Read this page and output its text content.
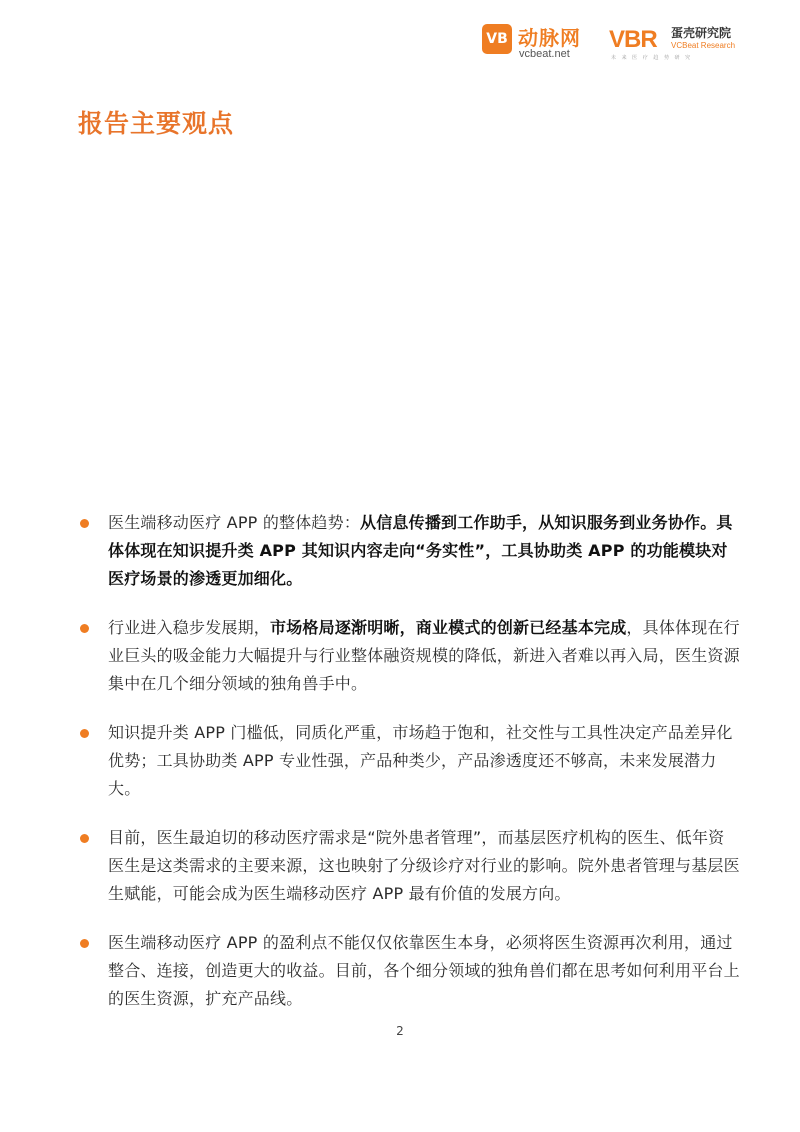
VB 动脉网
vcbeat.net
VBR 蛋壳研究院
VCBeat Research
未 来 医 疗 趋 势 研 究
报告主要观点
医生端移动医疗 APP 的整体趋势：从信息传播到工作助手，从知识服务到业务协作。具体体现在知识提升类 APP 其知识内容走向“务实性”，工具协助类 APP 的功能模块对医疗场景的渗透更加细化。
行业进入稳步发展期，市场格局逐渐明晰，商业模式的创新已经基本完成，具体体现在行业巨头的吸金能力大幅提升与行业整体融资规模的降低，新进入者难以再入局，医生资源集中在几个细分领域的独角兽手中。
知识提升类 APP 门槛低，同质化严重，市场趋于饱和，社交性与工具性决定产品差异化优势；工具协助类 APP 专业性强，产品种类少，产品渗透度还不够高，未来发展潜力大。
目前，医生最迫切的移动医疗需求是“院外患者管理”，而基层医疗机构的医生、低年资医生是这类需求的主要来源，这也映射了分级诊疗对行业的影响。院外患者管理与基层医生赋能，可能会成为医生端移动医疗 APP 最有价值的发展方向。
医生端移动医疗 APP 的盈利点不能仅仅依靠医生本身，必须将医生资源再次利用，通过整合、连接，创造更大的收益。目前，各个细分领域的独角兽们都在思考如何利用平台上的医生资源，扩充产品线。
2
